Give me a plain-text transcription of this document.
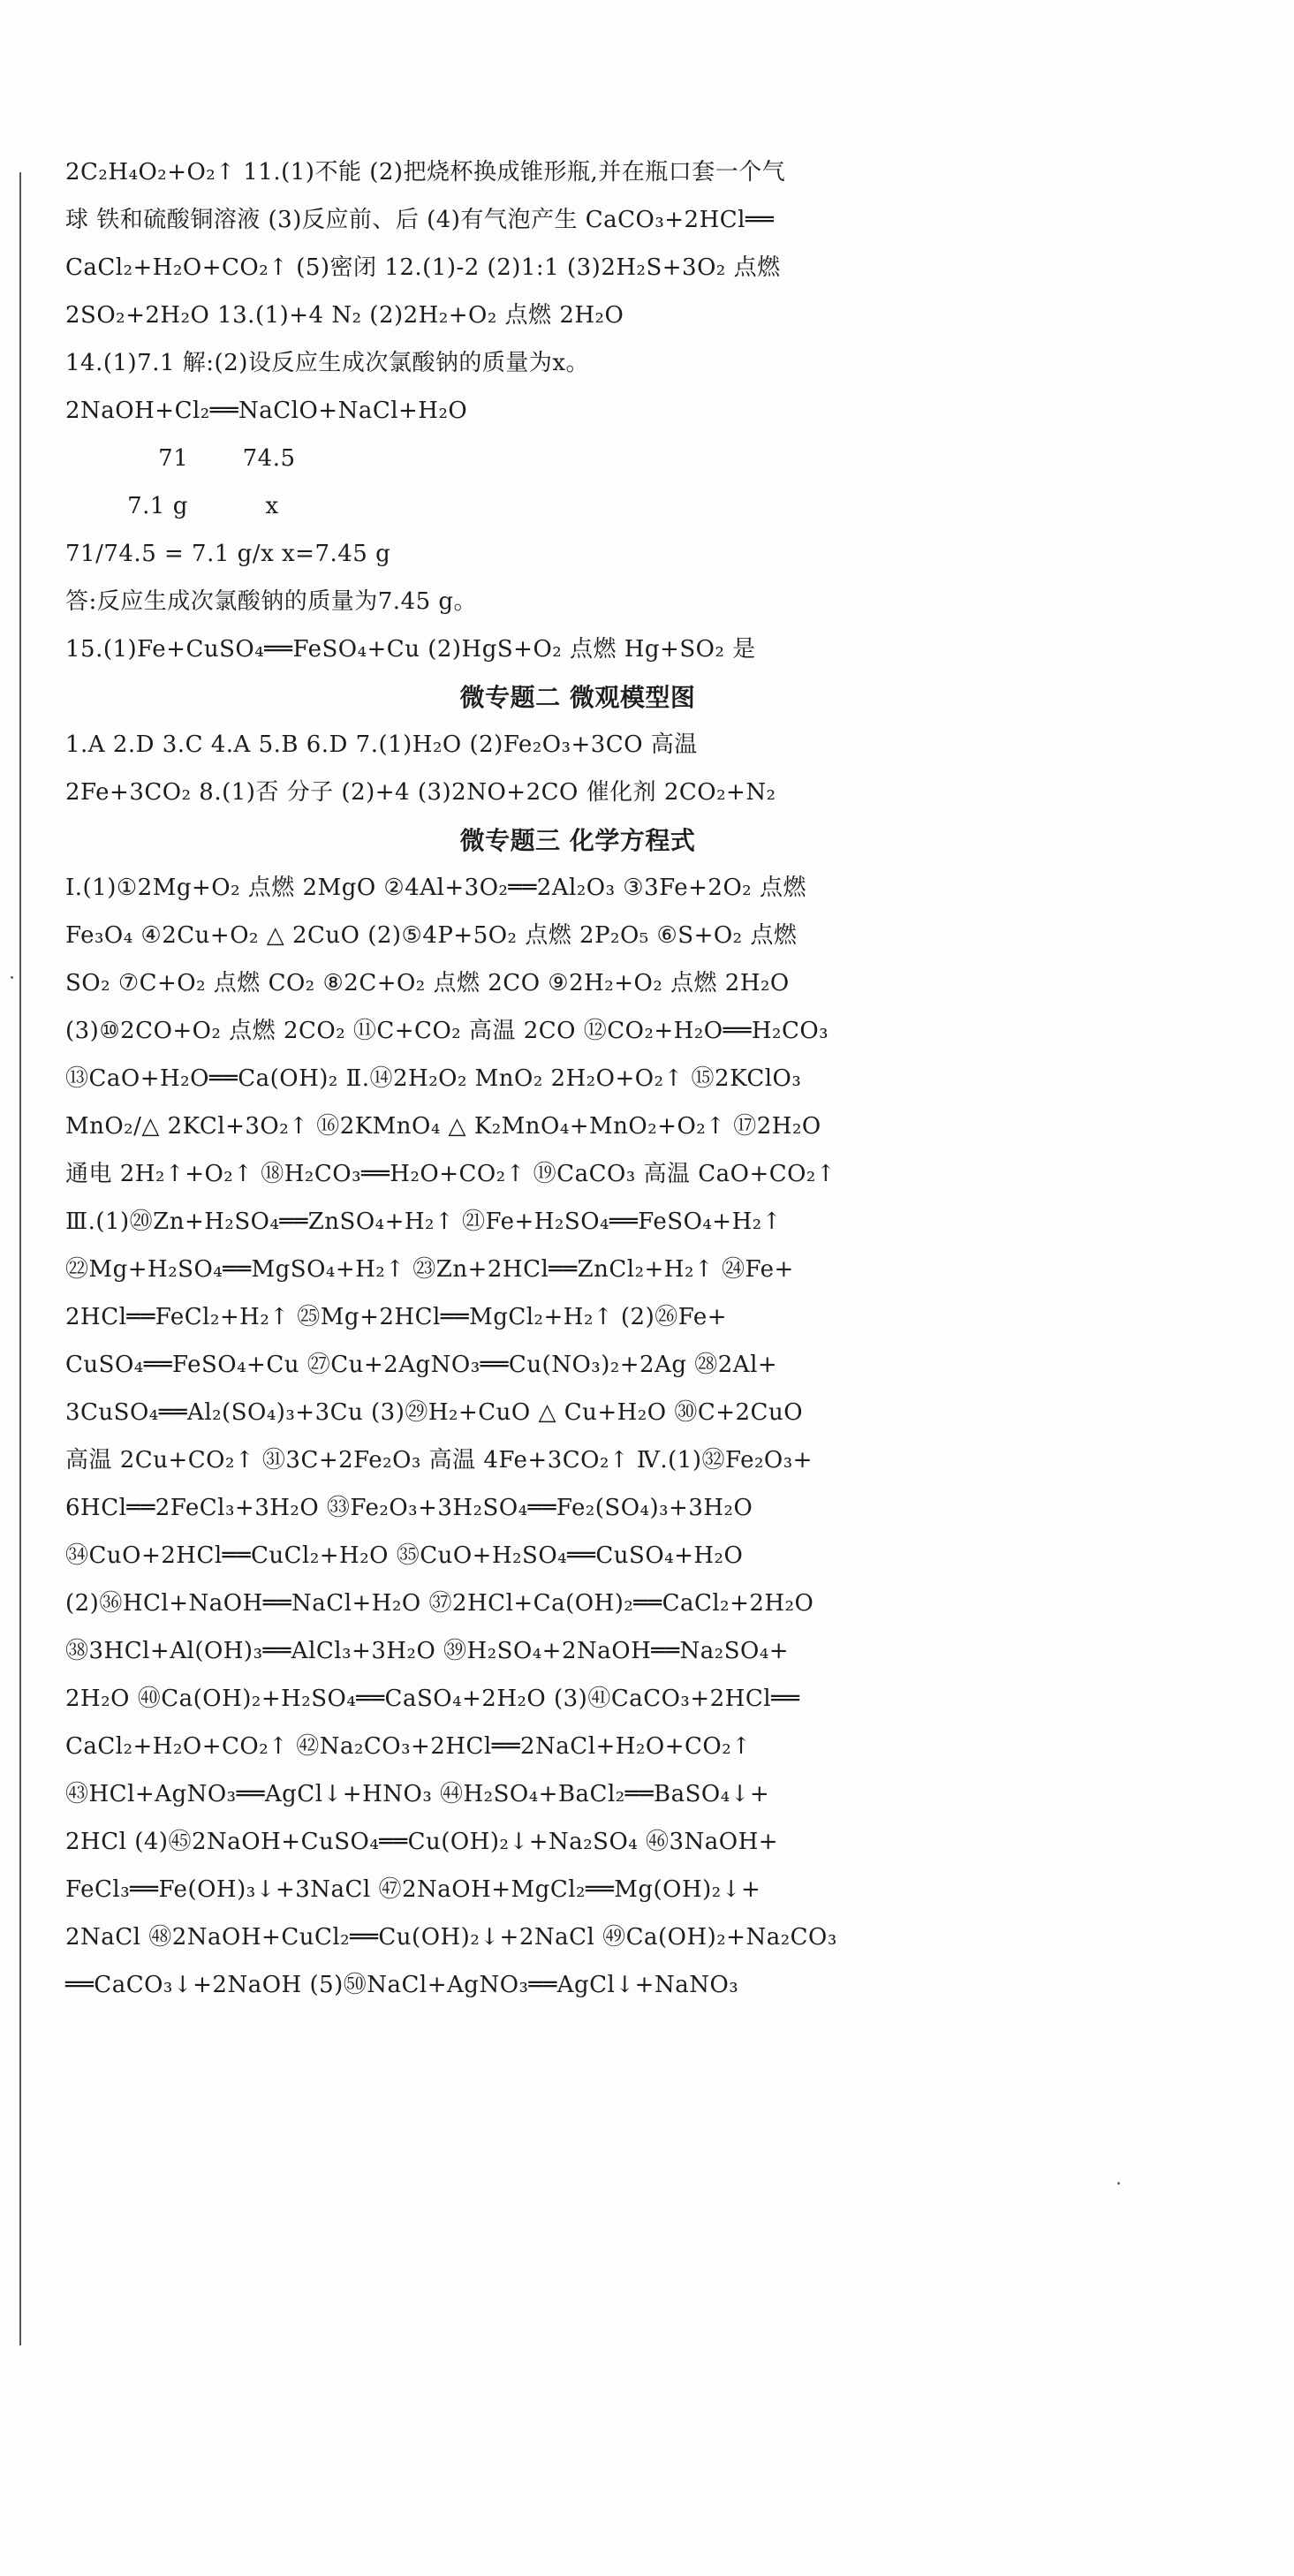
2C₂H₄O₂+O₂↑ 11.(1)不能 (2)把烧杯换成锥形瓶,并在瓶口套一个气
球 铁和硫酸铜溶液 (3)反应前、后 (4)有气泡产生 CaCO₃+2HCl══
CaCl₂+H₂O+CO₂↑ (5)密闭 12.(1)-2 (2)1:1 (3)2H₂S+3O₂ 点燃
2SO₂+2H₂O 13.(1)+4 N₂ (2)2H₂+O₂ 点燃 2H₂O
14.(1)7.1 解:(2)设反应生成次氯酸钠的质量为x。
2NaOH+Cl₂══NaClO+NaCl+H₂O
71       74.5
7.1 g          x
71/74.5 = 7.1 g/x x=7.45 g
答:反应生成次氯酸钠的质量为7.45 g。
15.(1)Fe+CuSO₄══FeSO₄+Cu (2)HgS+O₂ 点燃 Hg+SO₂ 是
微专题二 微观模型图
1.A 2.D 3.C 4.A 5.B 6.D 7.(1)H₂O (2)Fe₂O₃+3CO 高温
2Fe+3CO₂ 8.(1)否 分子 (2)+4 (3)2NO+2CO 催化剂 2CO₂+N₂
微专题三 化学方程式
Ⅰ.(1)①2Mg+O₂ 点燃 2MgO ②4Al+3O₂══2Al₂O₃ ③3Fe+2O₂ 点燃
Fe₃O₄ ④2Cu+O₂ △ 2CuO (2)⑤4P+5O₂ 点燃 2P₂O₅ ⑥S+O₂ 点燃
SO₂ ⑦C+O₂ 点燃 CO₂ ⑧2C+O₂ 点燃 2CO ⑨2H₂+O₂ 点燃 2H₂O
(3)⑩2CO+O₂ 点燃 2CO₂ ⑪C+CO₂ 高温 2CO ⑫CO₂+H₂O══H₂CO₃
⑬CaO+H₂O══Ca(OH)₂ Ⅱ.⑭2H₂O₂ MnO₂ 2H₂O+O₂↑ ⑮2KClO₃
MnO₂/△ 2KCl+3O₂↑ ⑯2KMnO₄ △ K₂MnO₄+MnO₂+O₂↑ ⑰2H₂O
通电 2H₂↑+O₂↑ ⑱H₂CO₃══H₂O+CO₂↑ ⑲CaCO₃ 高温 CaO+CO₂↑
Ⅲ.(1)⑳Zn+H₂SO₄══ZnSO₄+H₂↑ ㉑Fe+H₂SO₄══FeSO₄+H₂↑
㉒Mg+H₂SO₄══MgSO₄+H₂↑ ㉓Zn+2HCl══ZnCl₂+H₂↑ ㉔Fe+
2HCl══FeCl₂+H₂↑ ㉕Mg+2HCl══MgCl₂+H₂↑ (2)㉖Fe+
CuSO₄══FeSO₄+Cu ㉗Cu+2AgNO₃══Cu(NO₃)₂+2Ag ㉘2Al+
3CuSO₄══Al₂(SO₄)₃+3Cu (3)㉙H₂+CuO △ Cu+H₂O ㉚C+2CuO
高温 2Cu+CO₂↑ ㉛3C+2Fe₂O₃ 高温 4Fe+3CO₂↑ Ⅳ.(1)㉜Fe₂O₃+
6HCl══2FeCl₃+3H₂O ㉝Fe₂O₃+3H₂SO₄══Fe₂(SO₄)₃+3H₂O
㉞CuO+2HCl══CuCl₂+H₂O ㉟CuO+H₂SO₄══CuSO₄+H₂O
(2)㊱HCl+NaOH══NaCl+H₂O ㊲2HCl+Ca(OH)₂══CaCl₂+2H₂O
㊳3HCl+Al(OH)₃══AlCl₃+3H₂O ㊴H₂SO₄+2NaOH══Na₂SO₄+
2H₂O ㊵Ca(OH)₂+H₂SO₄══CaSO₄+2H₂O (3)㊶CaCO₃+2HCl══
CaCl₂+H₂O+CO₂↑ ㊷Na₂CO₃+2HCl══2NaCl+H₂O+CO₂↑
㊸HCl+AgNO₃══AgCl↓+HNO₃ ㊹H₂SO₄+BaCl₂══BaSO₄↓+
2HCl (4)㊺2NaOH+CuSO₄══Cu(OH)₂↓+Na₂SO₄ ㊻3NaOH+
FeCl₃══Fe(OH)₃↓+3NaCl ㊼2NaOH+MgCl₂══Mg(OH)₂↓+
2NaCl ㊽2NaOH+CuCl₂══Cu(OH)₂↓+2NaCl ㊾Ca(OH)₂+Na₂CO₃
══CaCO₃↓+2NaOH (5)㊿NaCl+AgNO₃══AgCl↓+NaNO₃
